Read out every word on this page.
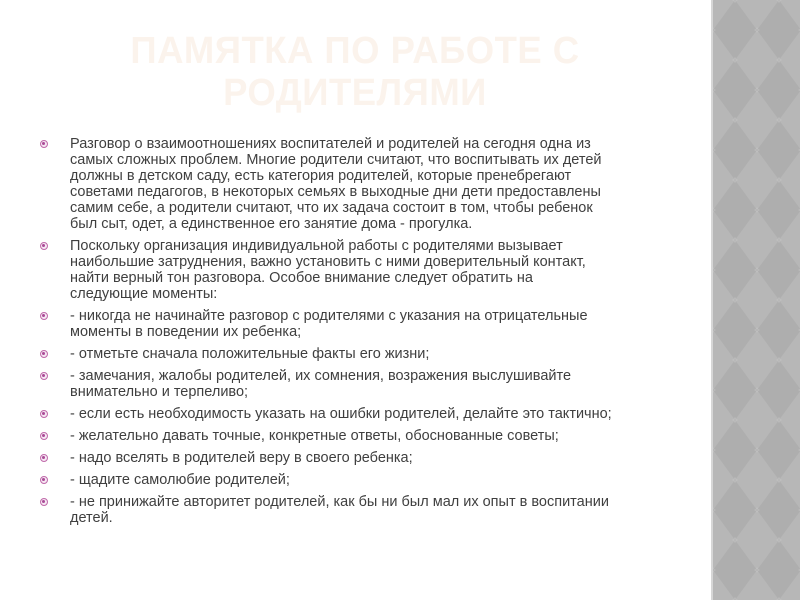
ПАМЯТКА ПО РАБОТЕ С
РОДИТЕЛЯМИ
Разговор о взаимоотношениях воспитателей и родителей на сегодня одна из самых сложных проблем. Многие родители считают, что воспитывать их детей должны в детском саду, есть категория родителей, которые пренебрегают советами педагогов, в некоторых семьях в выходные дни дети предоставлены самим себе, а родители считают, что их задача состоит в том, чтобы ребенок был сыт, одет, а единственное его занятие дома - прогулка.
Поскольку организация индивидуальной работы с родителями вызывает наибольшие затруднения, важно установить с ними доверительный контакт, найти верный тон разговора. Особое внимание следует обратить на следующие моменты:
- никогда не начинайте разговор с родителями с указания на отрицательные моменты в поведении их ребенка;
- отметьте сначала положительные факты его жизни;
- замечания, жалобы родителей, их сомнения, возражения выслушивайте внимательно и терпеливо;
- если есть необходимость указать на ошибки родителей, делайте это тактично;
- желательно давать точные, конкретные ответы, обоснованные советы;
- надо вселять в родителей веру в своего ребенка;
- щадите самолюбие родителей;
- не принижайте авторитет родителей, как бы ни был мал их опыт в воспитании детей.
